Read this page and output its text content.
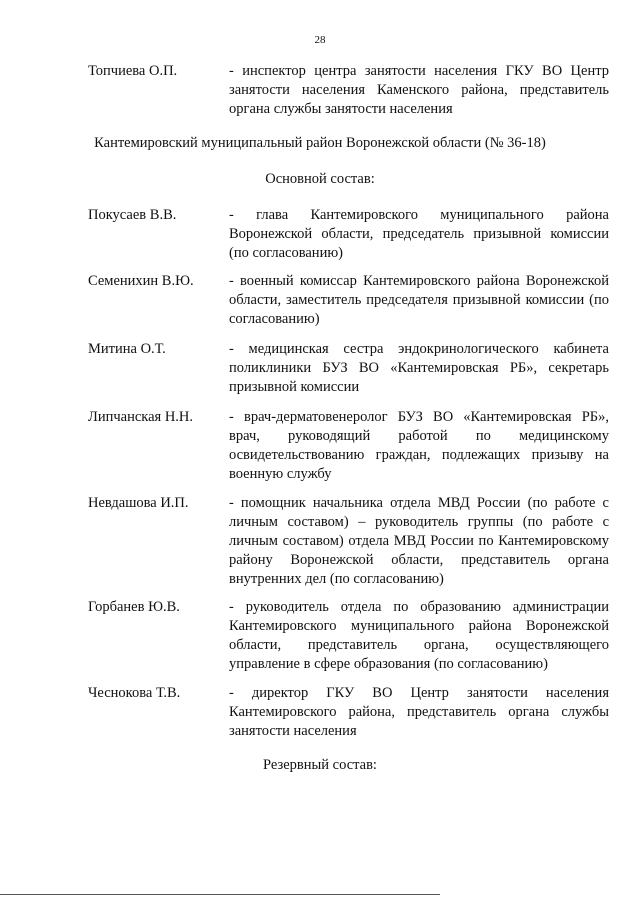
28
Топчиева О.П.	- инспектор центра занятости населения ГКУ ВО Центр занятости населения Каменского района, представитель органа службы занятости населения
Кантемировский муниципальный район Воронежской области (№ 36-18)
Основной состав:
Покусаев В.В.	- глава Кантемировского муниципального района Воронежской области, председатель призывной комиссии (по согласованию)
Семенихин В.Ю.	- военный комиссар Кантемировского района Воронежской области, заместитель председателя призывной комиссии (по согласованию)
Митина О.Т.	- медицинская сестра эндокринологического кабинета поликлиники БУЗ ВО «Кантемировская РБ», секретарь призывной комиссии
Липчанская Н.Н.	- врач-дерматовенеролог БУЗ ВО «Кантемировская РБ», врач, руководящий работой по медицинскому освидетельствованию граждан, подлежащих призыву на военную службу
Невдашова И.П.	- помощник начальника отдела МВД России (по работе с личным составом) – руководитель группы (по работе с личным составом) отдела МВД России по Кантемировскому району Воронежской области, представитель органа внутренних дел (по согласованию)
Горбанев Ю.В.	- руководитель отдела по образованию администрации Кантемировского муниципального района Воронежской области, представитель органа, осуществляющего управление в сфере образования (по согласованию)
Чеснокова Т.В.	- директор ГКУ ВО Центр занятости населения Кантемировского района, представитель органа службы занятости населения
Резервный состав:
